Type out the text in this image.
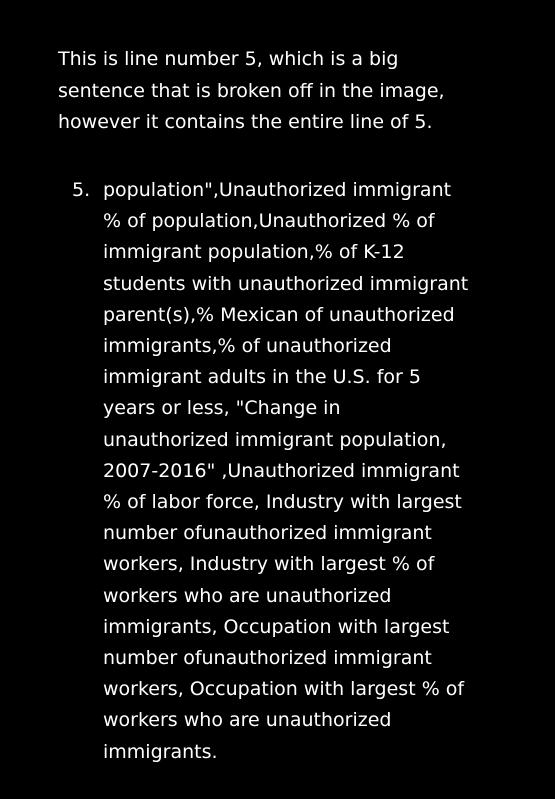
This is line number 5, which is a big
sentence that is broken off in the image,
however it contains the entire line of 5.

5. population",Unauthorized immigrant
% of population,Unauthorized % of
immigrant population,% of K-12
students with unauthorized immigrant
parent(s),% Mexican of unauthorized
immigrants,% of unauthorized
immigrant adults in the U.S. for 5
years or less, "Change in
unauthorized immigrant population,
2007-2016" ,Unauthorized immigrant
% of labor force, Industry with largest
number ofunauthorized immigrant
workers, Industry with largest % of
workers who are unauthorized
immigrants, Occupation with largest
number ofunauthorized immigrant
workers, Occupation with largest % of
workers who are unauthorized
immigrants.
